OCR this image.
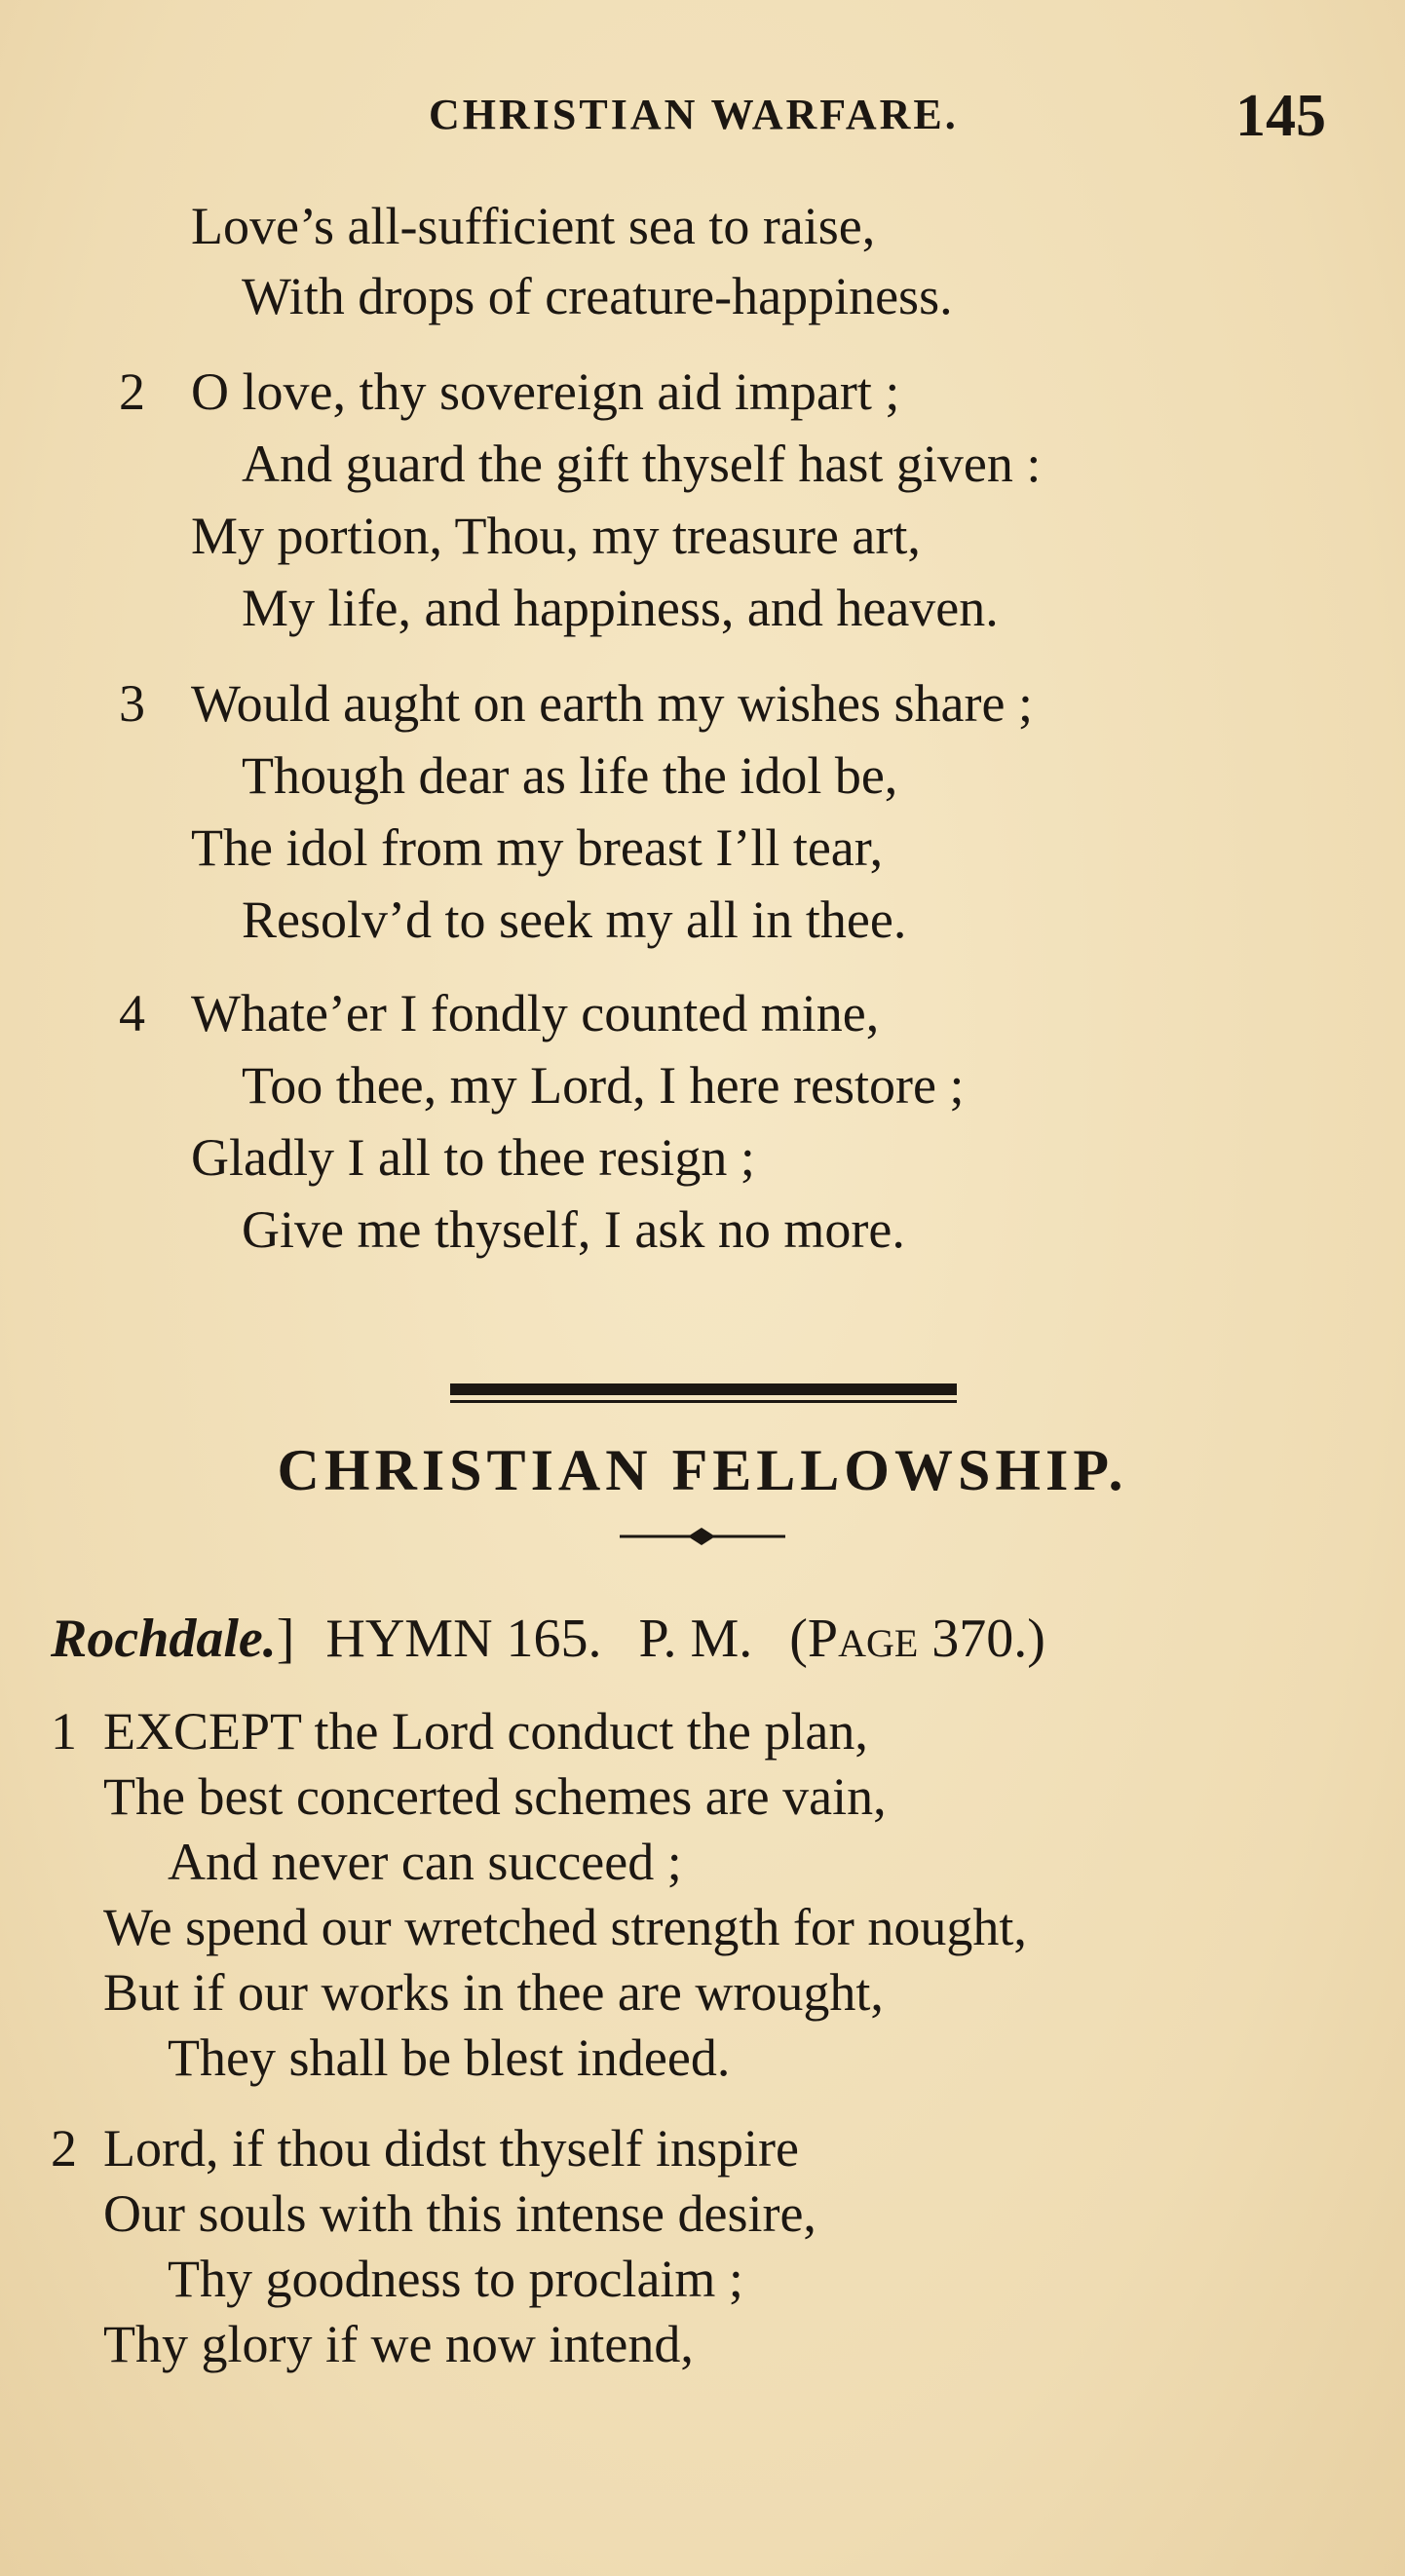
CHRISTIAN WARFARE.	145
Love’s all-sufficient sea to raise,
With drops of creature-happiness.
2 O love, thy sovereign aid impart ;
And guard the gift thyself hast given :
My portion, Thou, my treasure art,
My life, and happiness, and heaven.
3 Would aught on earth my wishes share ;
Though dear as life the idol be,
The idol from my breast I’ll tear,
Resolv’d to seek my all in thee.
4 Whate’er I fondly counted mine,
Too thee, my Lord, I here restore ;
Gladly I all to thee resign ;
Give me thyself, I ask no more.
CHRISTIAN FELLOWSHIP.
Rochdale.] HYMN 165. P. M. (PAGE 370.)
1 EXCEPT the Lord conduct the plan,
The best concerted schemes are vain,
And never can succeed ;
We spend our wretched strength for nought,
But if our works in thee are wrought,
They shall be blest indeed.
2 Lord, if thou didst thyself inspire
Our souls with this intense desire,
Thy goodness to proclaim ;
Thy glory if we now intend,
